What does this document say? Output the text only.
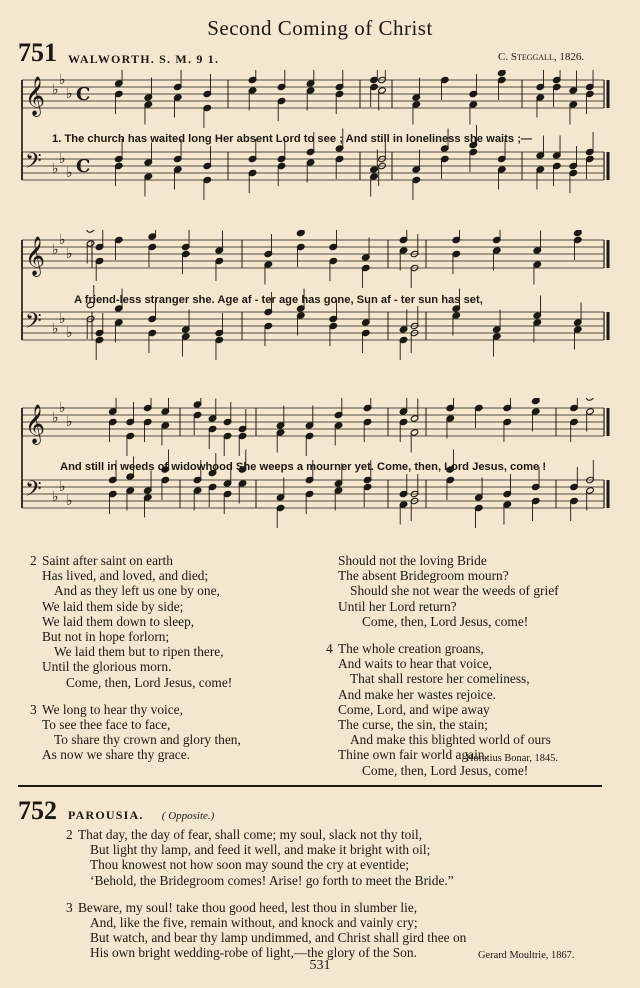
Second Coming of Christ
751 WALWORTH. S. M. 9 1.	C. Steggall, 1826.
𝄞 ♭
♭
♭
𝄢 ♭
♭
♭
C
C
1. The church has waited long Her absent Lord to see ; And still in loneliness she waits ;—
𝄞 ♭
♭
♭
𝄢 ♭
♭
♭
A friend-less stranger she. Age af - ter age has gone, Sun af - ter sun has set,
𝄞 ♭
♭
♭
𝄢 ♭
♭
♭
And still in weeds of widowhood She weeps a mourner yet. Come, then, Lord Jesus, come !
2 Saint after saint on earth
Has lived, and loved, and died;
And as they left us one by one,
We laid them side by side;
We laid them down to sleep,
But not in hope forlorn;
We laid them but to ripen there,
Until the glorious morn.
Come, then, Lord Jesus, come!
3 We long to hear thy voice,
To see thee face to face,
To share thy crown and glory then,
As now we share thy grace.
Should not the loving Bride
The absent Bridegroom mourn?
Should she not wear the weeds of grief
Until her Lord return?
Come, then, Lord Jesus, come!
4 The whole creation groans,
And waits to hear that voice,
That shall restore her comeliness,
And make her wastes rejoice.
Come, Lord, and wipe away
The curse, the sin, the stain;
And make this blighted world of ours
Thine own fair world again.
Come, then, Lord Jesus, come!
Horatius Bonar, 1845.
752 PAROUSIA. ( Opposite.)
2 That day, the day of fear, shall come; my soul, slack not thy toil,
But light thy lamp, and feed it well, and make it bright with oil;
Thou knowest not how soon may sound the cry at eventide;
‘Behold, the Bridegroom comes! Arise! go forth to meet the Bride.”
3 Beware, my soul! take thou good heed, lest thou in slumber lie,
And, like the five, remain without, and knock and vainly cry;
But watch, and bear thy lamp undimmed, and Christ shall gird thee on
His own bright wedding-robe of light,—the glory of the Son.	Gerard Moultrie, 1867.
531
